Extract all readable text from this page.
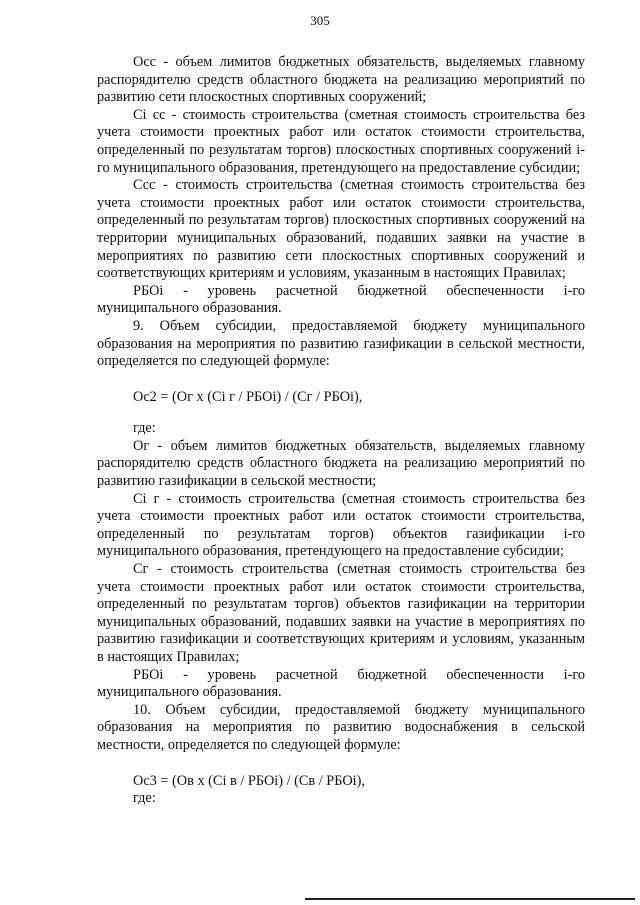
305

Осс - объем лимитов бюджетных обязательств, выделяемых главному распорядителю средств областного бюджета на реализацию мероприятий по развитию сети плоскостных спортивных сооружений;

Сi сс - стоимость строительства (сметная стоимость строительства без учета стоимости проектных работ или остаток стоимости строительства, определенный по результатам торгов) плоскостных спортивных сооружений i-го муниципального образования, претендующего на предоставление субсидии;

Ссс - стоимость строительства (сметная стоимость строительства без учета стоимости проектных работ или остаток стоимости строительства, определенный по результатам торгов) плоскостных спортивных сооружений на территории муниципальных образований, подавших заявки на участие в мероприятиях по развитию сети плоскостных спортивных сооружений и соответствующих критериям и условиям, указанным в настоящих Правилах;

РБОi - уровень расчетной бюджетной обеспеченности i-го муниципального образования.

9. Объем субсидии, предоставляемой бюджету муниципального образования на мероприятия по развитию газификации в сельской местности, определяется по следующей формуле:

Ос2 = (Ог х (Сi г / РБОi) / (Сг / РБОi),

где:

Ог - объем лимитов бюджетных обязательств, выделяемых главному распорядителю средств областного бюджета на реализацию мероприятий по развитию газификации в сельской местности;

Сi г - стоимость строительства (сметная стоимость строительства без учета стоимости проектных работ или остаток стоимости строительства, определенный по результатам торгов) объектов газификации i-го муниципального образования, претендующего на предоставление субсидии;

Сг - стоимость строительства (сметная стоимость строительства без учета стоимости проектных работ или остаток стоимости строительства, определенный по результатам торгов) объектов газификации на территории муниципальных образований, подавших заявки на участие в мероприятиях по развитию газификации и соответствующих критериям и условиям, указанным в настоящих Правилах;

РБОi - уровень расчетной бюджетной обеспеченности i-го муниципального образования.

10. Объем субсидии, предоставляемой бюджету муниципального образования на мероприятия по развитию водоснабжения в сельской местности, определяется по следующей формуле:

Ос3 = (Ов х (Сi в / РБОi) / (Св / РБОi),

где:
